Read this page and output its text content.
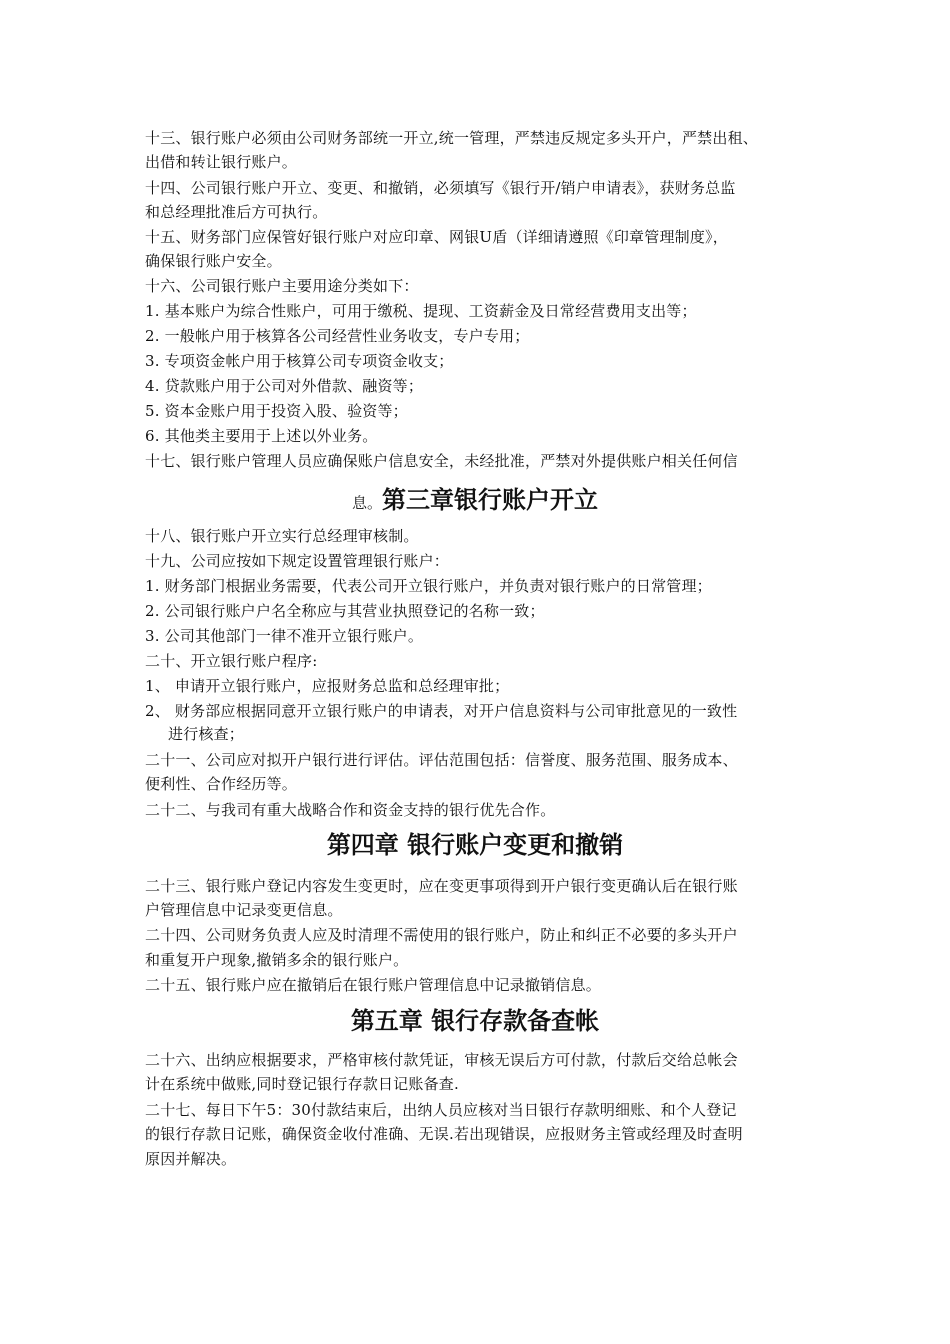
十三、银行账户必须由公司财务部统一开立,统一管理，严禁违反规定多头开户，严禁出租、
出借和转让银行账户。
十四、公司银行账户开立、变更、和撤销，必须填写《银行开/销户申请表》，获财务总监
和总经理批准后方可执行。
十五、财务部门应保管好银行账户对应印章、网银U盾（详细请遵照《印章管理制度》，
确保银行账户安全。
十六、公司银行账户主要用途分类如下：
1. 基本账户为综合性账户，可用于缴税、提现、工资薪金及日常经营费用支出等；
2. 一般帐户用于核算各公司经营性业务收支，专户专用；
3. 专项资金帐户用于核算公司专项资金收支；
4. 贷款账户用于公司对外借款、融资等；
5. 资本金账户用于投资入股、验资等；
6. 其他类主要用于上述以外业务。
十七、银行账户管理人员应确保账户信息安全，未经批准，严禁对外提供账户相关任何信
息。第三章银行账户开立
十八、银行账户开立实行总经理审核制。
十九、公司应按如下规定设置管理银行账户：
1. 财务部门根据业务需要，代表公司开立银行账户，并负责对银行账户的日常管理；
2. 公司银行账户户名全称应与其营业执照登记的名称一致；
3. 公司其他部门一律不准开立银行账户。
二十、开立银行账户程序:
1、 申请开立银行账户，应报财务总监和总经理审批；
2、 财务部应根据同意开立银行账户的申请表，对开户信息资料与公司审批意见的一致性
进行核查；
二十一、公司应对拟开户银行进行评估。评估范围包括：信誉度、服务范围、服务成本、
便利性、合作经历等。
二十二、与我司有重大战略合作和资金支持的银行优先合作。
第四章 银行账户变更和撤销
二十三、银行账户登记内容发生变更时，应在变更事项得到开户银行变更确认后在银行账
户管理信息中记录变更信息。
二十四、公司财务负责人应及时清理不需使用的银行账户，防止和纠正不必要的多头开户
和重复开户现象,撤销多余的银行账户。
二十五、银行账户应在撤销后在银行账户管理信息中记录撤销信息。
第五章 银行存款备查帐
二十六、出纳应根据要求，严格审核付款凭证，审核无误后方可付款，付款后交给总帐会
计在系统中做账,同时登记银行存款日记账备查.
二十七、每日下午5：30付款结束后，出纳人员应核对当日银行存款明细账、和个人登记
的银行存款日记账，确保资金收付准确、无误.若出现错误，应报财务主管或经理及时查明
原因并解决。
